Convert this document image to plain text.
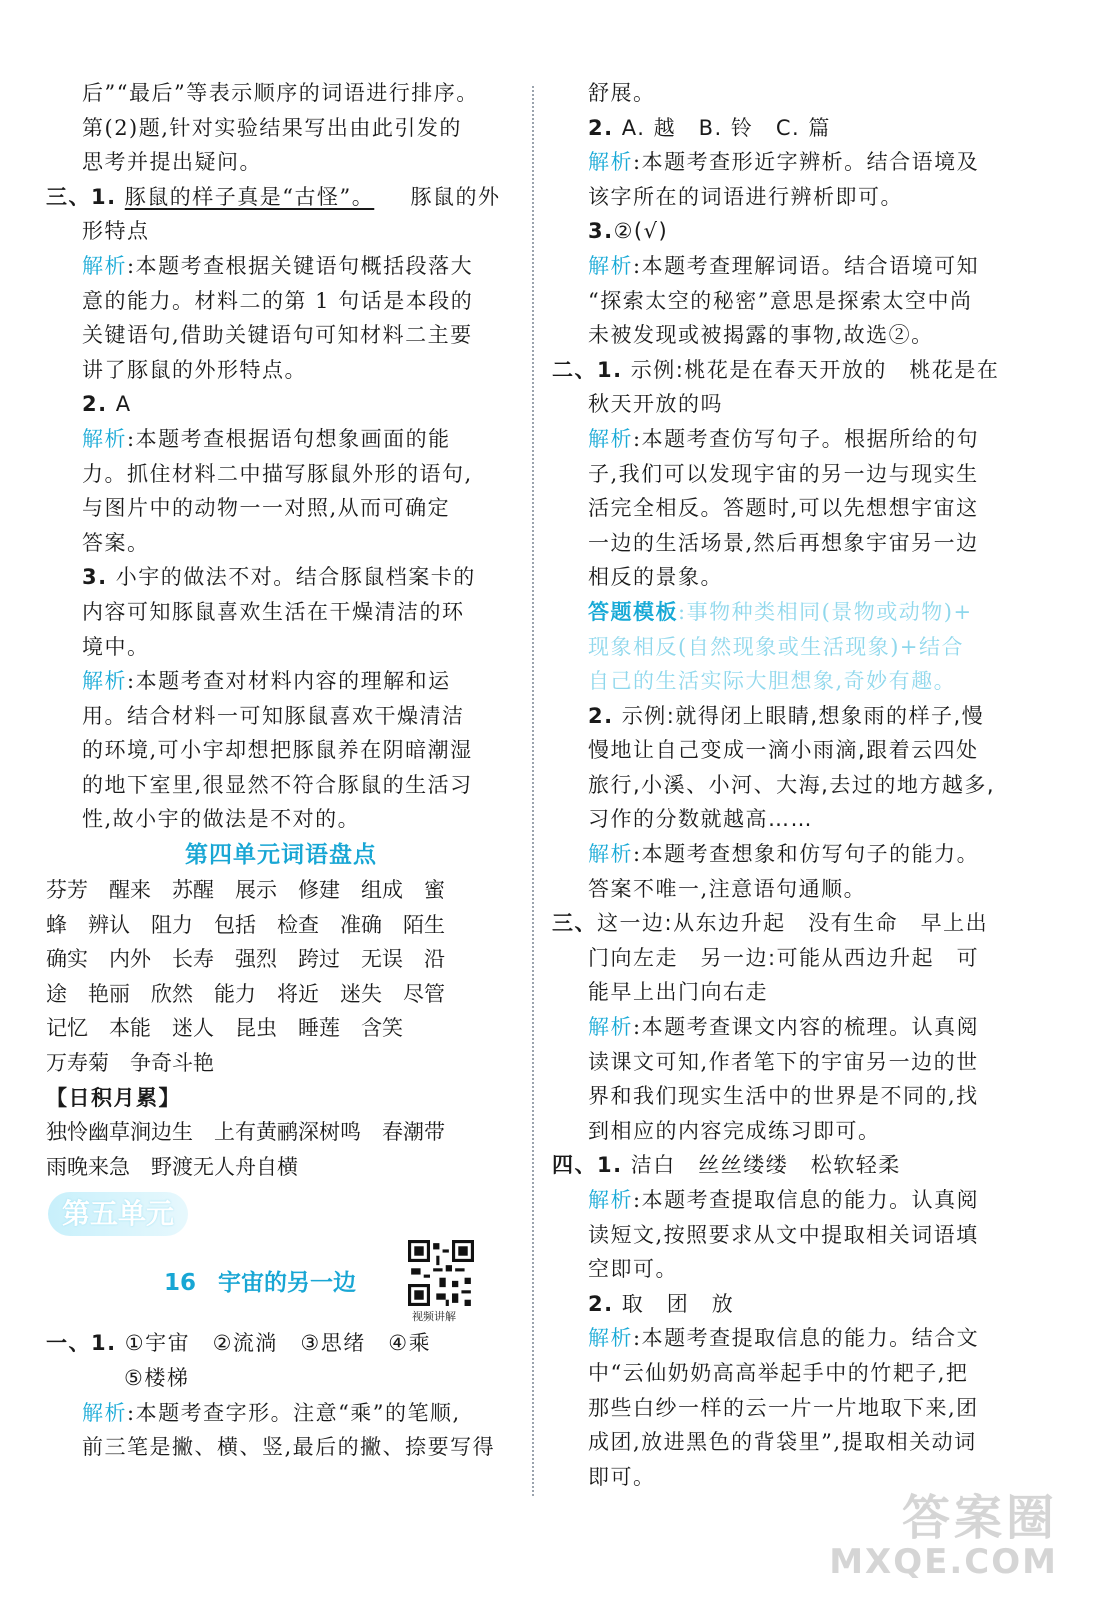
后”“最后”等表示顺序的词语进行排序。
第(2)题,针对实验结果写出由此引发的
思考并提出疑问。
三、1. 豚鼠的样子真是“古怪”。 豚鼠的外
形特点
解析:本题考查根据关键语句概括段落大
意的能力。材料二的第 1 句话是本段的
关键语句,借助关键语句可知材料二主要
讲了豚鼠的外形特点。
2. A
解析:本题考查根据语句想象画面的能
力。抓住材料二中描写豚鼠外形的语句,
与图片中的动物一一对照,从而可确定
答案。
3. 小宇的做法不对。结合豚鼠档案卡的
内容可知豚鼠喜欢生活在干燥清洁的环
境中。
解析:本题考查对材料内容的理解和运
用。结合材料一可知豚鼠喜欢干燥清洁
的环境,可小宇却想把豚鼠养在阴暗潮湿
的地下室里,很显然不符合豚鼠的生活习
性,故小宇的做法是不对的。
第四单元词语盘点
芬芳　醒来　苏醒　展示　修建　组成　蜜
蜂　辨认　阻力　包括　检查　准确　陌生
确实　内外　长寿　强烈　跨过　无误　沿
途　艳丽　欣然　能力　将近　迷失　尽管
记忆　本能　迷人　昆虫　睡莲　含笑
万寿菊　争奇斗艳
【日积月累】
独怜幽草涧边生　上有黄鹂深树鸣　春潮带
雨晚来急　野渡无人舟自横
第五单元
16 宇宙的另一边
视频讲解
一、1. ①宇宙　②流淌　③思绪　④乘
⑤楼梯
解析:本题考查字形。注意“乘”的笔顺,
前三笔是撇、横、竖,最后的撇、捺要写得
舒展。
2. A. 越　B. 铃　C. 篇
解析:本题考查形近字辨析。结合语境及
该字所在的词语进行辨析即可。
3.②(√)
解析:本题考查理解词语。结合语境可知
“探索太空的秘密”意思是探索太空中尚
未被发现或被揭露的事物,故选②。
二、1. 示例:桃花是在春天开放的　桃花是在
秋天开放的吗
解析:本题考查仿写句子。根据所给的句
子,我们可以发现宇宙的另一边与现实生
活完全相反。答题时,可以先想想宇宙这
一边的生活场景,然后再想象宇宙另一边
相反的景象。
答题模板:事物种类相同(景物或动物)+
现象相反(自然现象或生活现象)+结合
自己的生活实际大胆想象,奇妙有趣。
2. 示例:就得闭上眼睛,想象雨的样子,慢
慢地让自己变成一滴小雨滴,跟着云四处
旅行,小溪、小河、大海,去过的地方越多,
习作的分数就越高……
解析:本题考查想象和仿写句子的能力。
答案不唯一,注意语句通顺。
三、这一边:从东边升起　没有生命　早上出
门向左走　另一边:可能从西边升起　可
能早上出门向右走
解析:本题考查课文内容的梳理。认真阅
读课文可知,作者笔下的宇宙另一边的世
界和我们现实生活中的世界是不同的,找
到相应的内容完成练习即可。
四、1. 洁白　丝丝缕缕　松软轻柔
解析:本题考查提取信息的能力。认真阅
读短文,按照要求从文中提取相关词语填
空即可。
2. 取　团　放
解析:本题考查提取信息的能力。结合文
中“云仙奶奶高高举起手中的竹耙子,把
那些白纱一样的云一片一片地取下来,团
成团,放进黑色的背袋里”,提取相关动词
即可。
答案圈
MXQE.COM
